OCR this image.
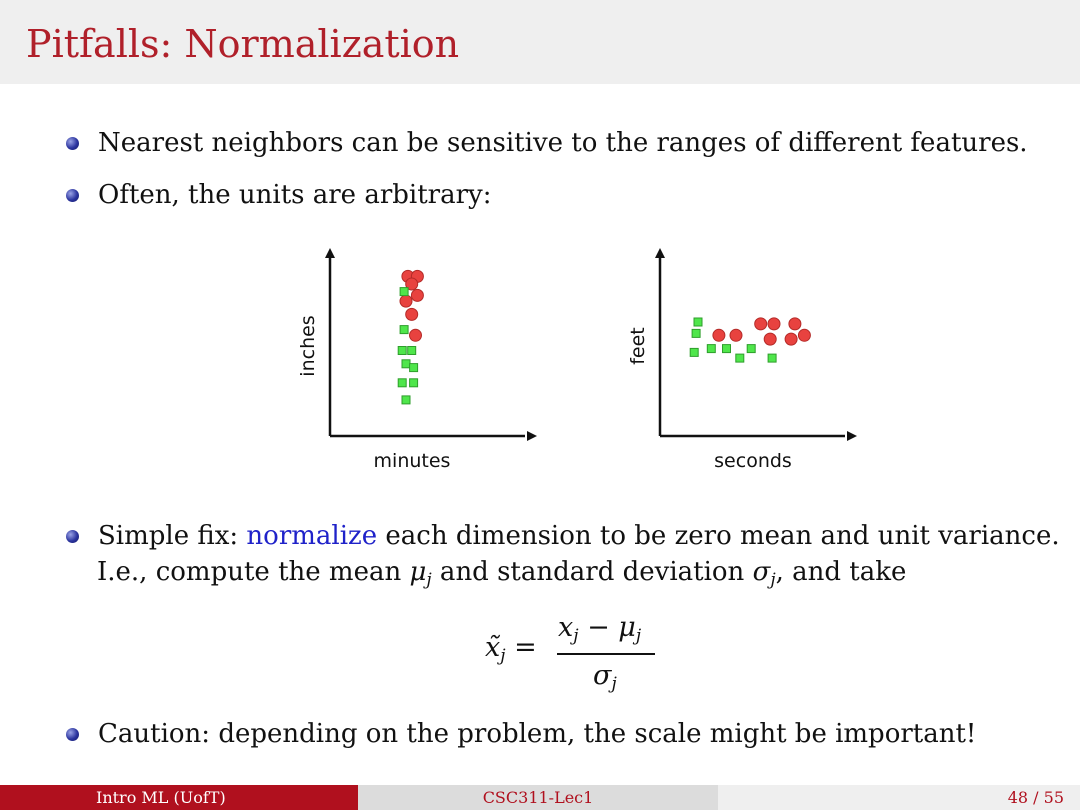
Pitfalls: Normalization
Nearest neighbors can be sensitive to the ranges of different features.
Often, the units are arbitrary:
minutes
inches
seconds
feet
Simple fix: normalize each dimension to be zero mean and unit variance.
I.e., compute the mean $\mu_j$ and standard deviation $\sigma_j$, and take
$x̃_j$ =
$x_j - \mu_j$
$\sigma_j$
Caution: depending on the problem, the scale might be important!
Intro ML (UofT)	CSC311-Lec1	48 / 55
